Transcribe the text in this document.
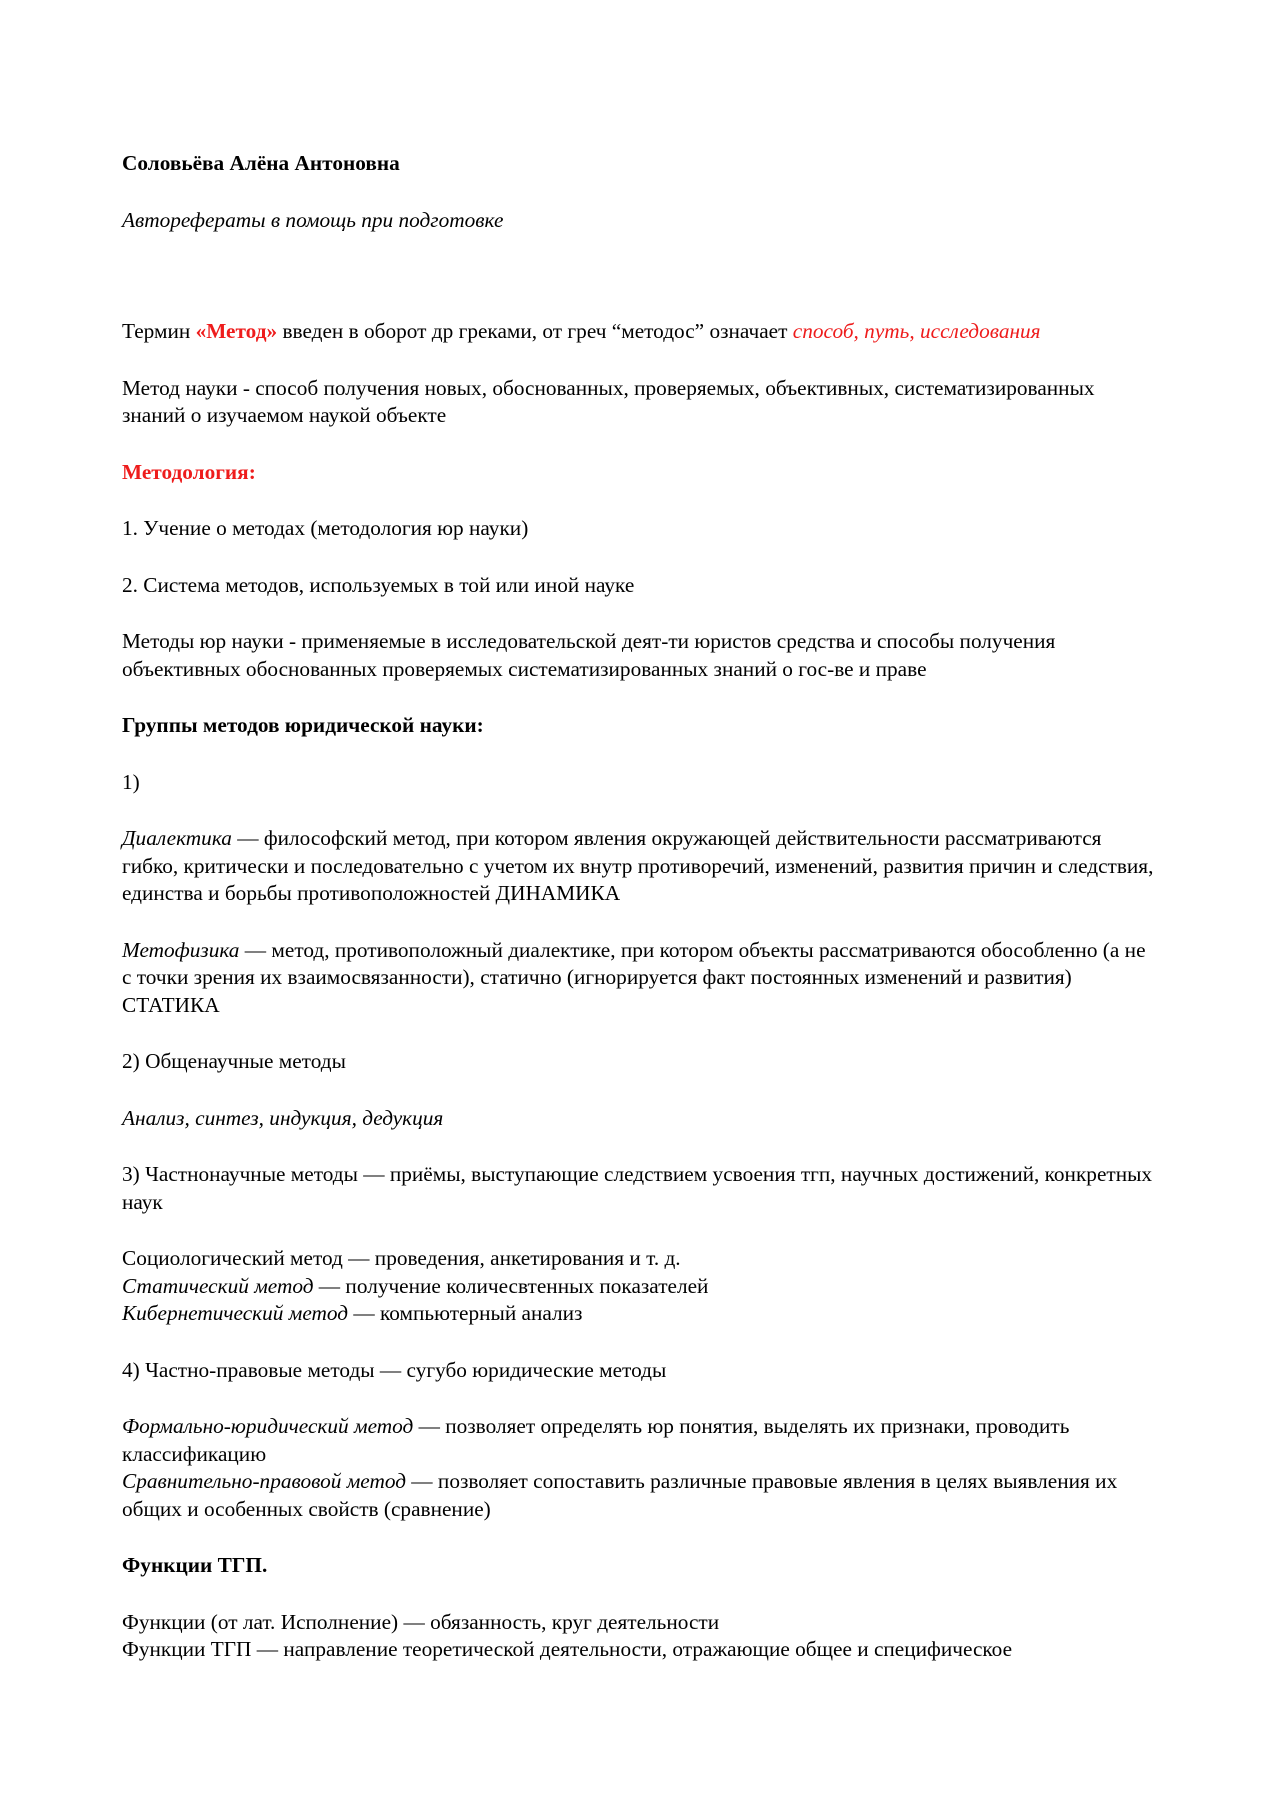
Соловьёва Алёна Антоновна

Авторефераты в помощь при подготовке

Термин «Метод» введен в оборот др греками, от греч “методос” означает способ, путь, исследования

Метод науки - способ получения новых, обоснованных, проверяемых, объективных, систематизированных знаний о изучаемом наукой объекте

Методология:

1. Учение о методах (методология юр науки)

2. Система методов, используемых в той или иной науке

Методы юр науки - применяемые в исследовательской деят-ти юристов средства и способы получения объективных обоснованных проверяемых систематизированных знаний о гос-ве и праве

Группы методов юридической науки:

1)

Диалектика — философский метод, при котором явления окружающей действительности рассматриваются гибко, критически и последовательно с учетом их внутр противоречий, изменений, развития причин и следствия, единства и борьбы противоположностей ДИНАМИКА

Метофизика — метод, противоположный диалектике, при котором объекты рассматриваются обособленно (а не с точки зрения их взаимосвязанности), статично (игнорируется факт постоянных изменений и развития) СТАТИКА

2) Общенаучные методы

Анализ, синтез, индукция, дедукция

3) Частнонаучные методы — приёмы, выступающие следствием усвоения тгп, научных достижений, конкретных наук

Социологический метод — проведения, анкетирования и т. д.

Статический метод — получение количесвтенных показателей

Кибернетический метод — компьютерный анализ

4) Частно-правовые методы — сугубо юридические методы

Формально-юридический метод — позволяет определять юр понятия, выделять их признаки, проводить классификацию

Сравнительно-правовой метод — позволяет сопоставить различные правовые явления в целях выявления их общих и особенных свойств (сравнение)

Функции ТГП.

Функции (от лат. Исполнение) — обязанность, круг деятельности

Функции ТГП — направление теоретической деятельности, отражающие общее и специфическое
